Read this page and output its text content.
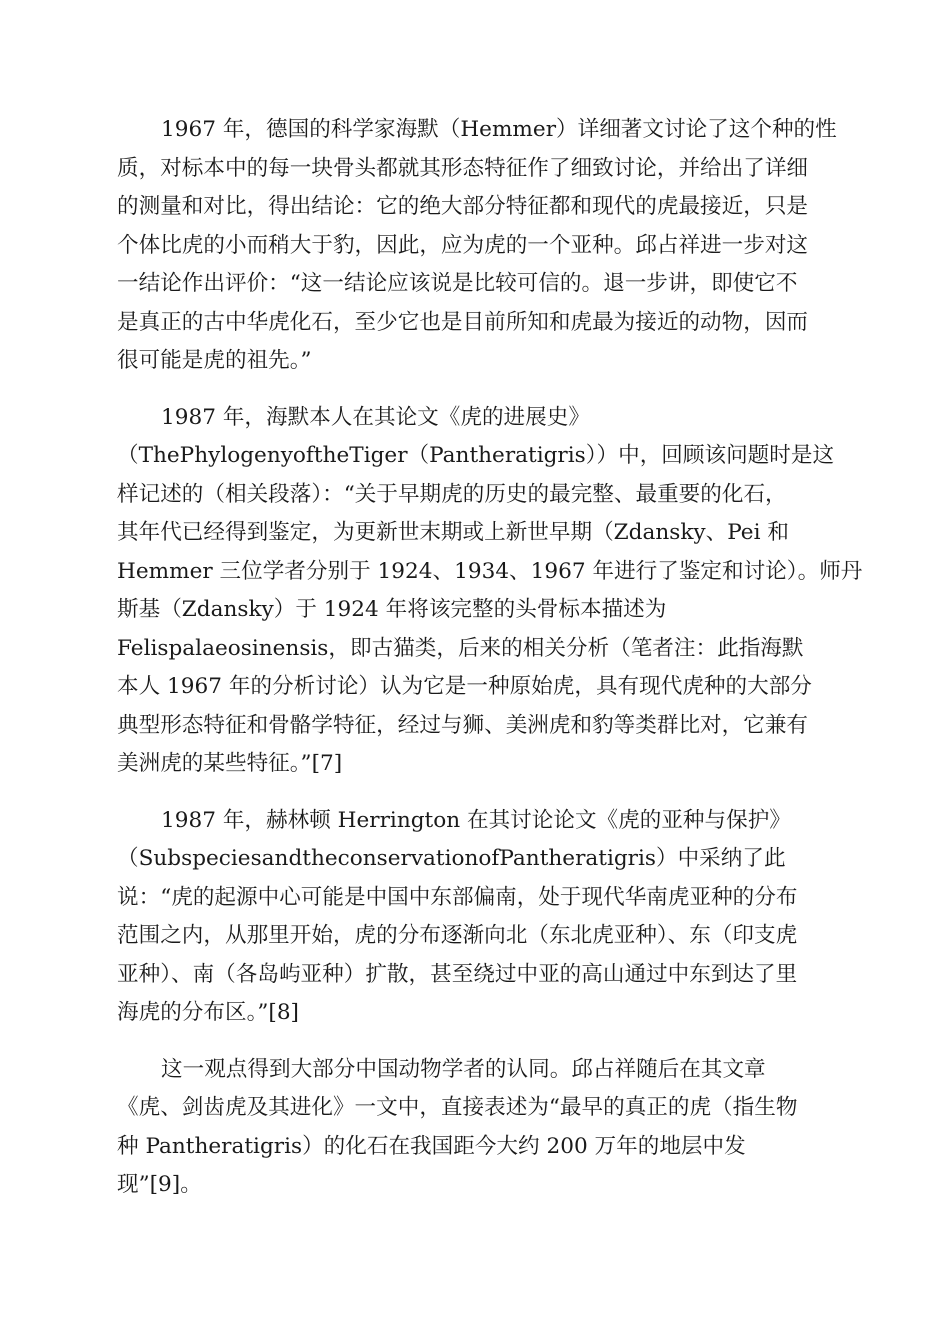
1967 年，德国的科学家海默（Hemmer）详细著文讨论了这个种的性
质，对标本中的每一块骨头都就其形态特征作了细致讨论，并给出了详细
的测量和对比，得出结论：它的绝大部分特征都和现代的虎最接近，只是
个体比虎的小而稍大于豹，因此，应为虎的一个亚种。邱占祥进一步对这
一结论作出评价：“这一结论应该说是比较可信的。退一步讲，即使它不
是真正的古中华虎化石，至少它也是目前所知和虎最为接近的动物，因而
很可能是虎的祖先。”

1987 年，海默本人在其论文《虎的进展史》
（ThePhylogenyoftheTiger（Pantheratigris））中，回顾该问题时是这
样记述的（相关段落）：“关于早期虎的历史的最完整、最重要的化石，
其年代已经得到鉴定，为更新世末期或上新世早期（Zdansky、Pei 和
Hemmer 三位学者分别于 1924、1934、1967 年进行了鉴定和讨论）。师丹
斯基（Zdansky）于 1924 年将该完整的头骨标本描述为
Felispalaeosinensis，即古猫类，后来的相关分析（笔者注：此指海默
本人 1967 年的分析讨论）认为它是一种原始虎，具有现代虎种的大部分
典型形态特征和骨骼学特征，经过与狮、美洲虎和豹等类群比对，它兼有
美洲虎的某些特征。”[7]

1987 年，赫林顿 Herrington 在其讨论论文《虎的亚种与保护》
（SubspeciesandtheconservationofPantheratigris）中采纳了此
说：“虎的起源中心可能是中国中东部偏南，处于现代华南虎亚种的分布
范围之内，从那里开始，虎的分布逐渐向北（东北虎亚种）、东（印支虎
亚种）、南（各岛屿亚种）扩散，甚至绕过中亚的高山通过中东到达了里
海虎的分布区。”[8]

这一观点得到大部分中国动物学者的认同。邱占祥随后在其文章
《虎、剑齿虎及其进化》一文中，直接表述为“最早的真正的虎（指生物
种 Pantheratigris）的化石在我国距今大约 200 万年的地层中发
现”[9]。
